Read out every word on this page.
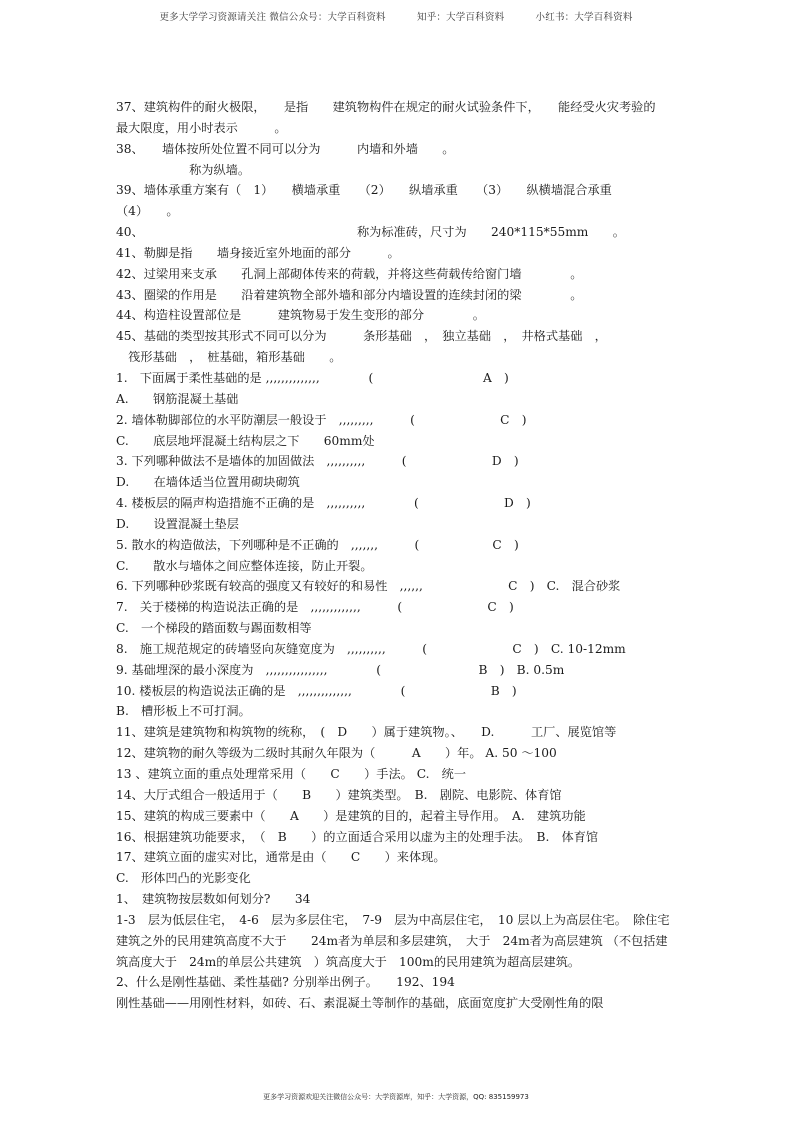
更多大学学习资源请关注 微信公众号：大学百科资料	知乎：大学百科资料	小红书：大学百科资料
37、建筑构件的耐火极限，　　是指　　建筑物构件在规定的耐火试验条件下，　　能经受火灾考验的
最大限度，用小时表示　　　。
38、　　墙体按所处位置不同可以分为　　　内墙和外墙　　。
　　　　　　称为纵墙。
39、墙体承重方案有（　1）　　横墙承重　　（2）　　纵墙承重　　（3）　　纵横墙混合承重
（4）　　。
40、　　　　　　　　　　　　　　　　　　称为标准砖，尺寸为　　240*115*55mm　　。
41、勒脚是指　　墙身接近室外地面的部分　　　。
42、过梁用来支承　　孔洞上部砌体传来的荷载，并将这些荷载传给窗门墙　　　　。
43、圈梁的作用是　　沿着建筑物全部外墙和部分内墙设置的连续封闭的梁　　　　。
44、构造柱设置部位是　　　建筑物易于发生变形的部分　　　　。
45、基础的类型按其形式不同可以分为　　　条形基础　，　独立基础　，　井格式基础　，
　筏形基础　，　桩基础，箱形基础　　。
1.　下面属于柔性基础的是 ,,,,,,,,,,,,,,　　　　(　　　　　　　　　A　)
A.　　钢筋混凝土基础
2. 墙体勒脚部位的水平防潮层一般设于　,,,,,,,,,　　　(　　　　　　　C　)
C.　　底层地坪混凝土结构层之下　　60mm处
3. 下列哪种做法不是墙体的加固做法　,,,,,,,,,,　　　(　　　　　　　D　)
D.　　在墙体适当位置用砌块砌筑
4. 楼板层的隔声构造措施不正确的是　,,,,,,,,,,　　　　(　　　　　　　D　)
D.　　设置混凝土垫层
5. 散水的构造做法，下列哪种是不正确的　,,,,,,,　　　(　　　　　　C　)
C.　　散水与墙体之间应整体连接，防止开裂。
6. 下列哪种砂浆既有较高的强度又有较好的和易性　,,,,,,　　　　　　　C　)　C.　混合砂浆
7.　关于楼梯的构造说法正确的是　,,,,,,,,,,,,,　　　(　　　　　　　C　)
C.　一个梯段的踏面数与踢面数相等
8.　施工规范规定的砖墙竖向灰缝宽度为　,,,,,,,,,,　　　(　　　　　　　C　)　C. 10-12mm
9. 基础埋深的最小深度为　,,,,,,,,,,,,,,,,　　　　(　　　　　　　　B　)　B. 0.5m
10. 楼板层的构造说法正确的是　,,,,,,,,,,,,,,　　　　(　　　　　　　B　)
B.　槽形板上不可打洞。
11、建筑是建筑物和构筑物的统称，　(　D　　）属于建筑物。、　　D.　　　工厂、展览馆等
12、建筑物的耐久等级为二级时其耐久年限为（　　　A　　）年。 A. 50 ～100
13 、建筑立面的重点处理常采用（　　C　　）手法。 C.　统一
14、大厅式组合一般适用于（　　B　　）建筑类型。　B.　剧院、电影院、体育馆
15、建筑的构成三要素中（　　A　　）是建筑的目的，起着主导作用。　A.　建筑功能
16、根据建筑功能要求，　（　B　　）的立面适合采用以虚为主的处理手法。　B.　体育馆
17、建筑立面的虚实对比，通常是由（　　C　　）来体现。
C.　形体凹凸的光影变化
1、　建筑物按层数如何划分?　　34
1-3　层为低层住宅，　4-6　层为多层住宅，　7-9　层为中高层住宅，　10 层以上为高层住宅。　除住宅
建筑之外的民用建筑高度不大于　　24m者为单层和多层建筑，　大于　24m者为高层建筑 （不包括建
筑高度大于　24m的单层公共建筑　）筑高度大于　100m的民用建筑为超高层建筑。
2、什么是刚性基础、柔性基础? 分别举出例子。　　192、194
刚性基础——用刚性材料，如砖、石、素混凝土等制作的基础，底面宽度扩大受刚性角的限
更多学习资源欢迎关注微信公众号：大学资源库，知乎：大学资源，QQ: 835159973
